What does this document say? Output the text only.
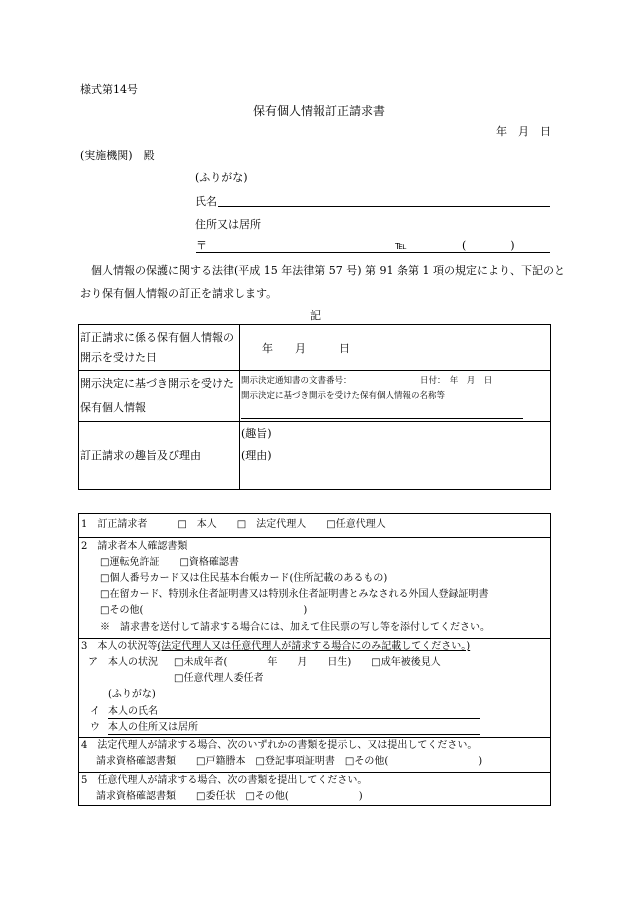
様式第14号
保有個人情報訂正請求書
年　月　日
(実施機関)　殿
(ふりがな)
氏名
住所又は居所
〒	℡	(　　　　)
　個人情報の保護に関する法律(平成 15 年法律第 57 号) 第 91 条第 1 項の規定により、下記のと
おり保有個人情報の訂正を請求します。
記
訂正請求に係る保有個人情報の
開示を受けた日
年　　月　　　日
開示決定に基づき開示を受けた
保有個人情報
開示決定通知書の文書番号：	日付：　年　月　日
開示決定に基づき開示を受けた保有個人情報の名称等
訂正請求の趣旨及び理由
(趣旨)
(理由)
1　訂正請求者　　　□　本人　　□　法定代理人　　□任意代理人
2　請求者本人確認書類
□運転免許証　　□資格確認書
□個人番号カード又は住民基本台帳カード(住所記載のあるもの)
□在留カード、特別永住者証明書又は特別永住者証明書とみなされる外国人登録証明書
□その他(　　　　　　　　　　　　　　　　)
※　請求書を送付して請求する場合には、加えて住民票の写し等を添付してください。
3　本人の状況等(法定代理人又は任意代理人が請求する場合にのみ記載してください。)
ア　本人の状況 □未成年者(　　　　年　　月　　日生)　　□成年被後見人
□任意代理人委任者
(ふりがな)
イ 本人の氏名
ウ 本人の住所又は居所
4　法定代理人が請求する場合、次のいずれかの書類を提示し、又は提出してください。
請求資格確認書類　　□戸籍謄本　□登記事項証明書　□その他(　　　　　　　　　)
5　任意代理人が請求する場合、次の書類を提出してください。
請求資格確認書類　　□委任状　□その他(　　　　　　　)
